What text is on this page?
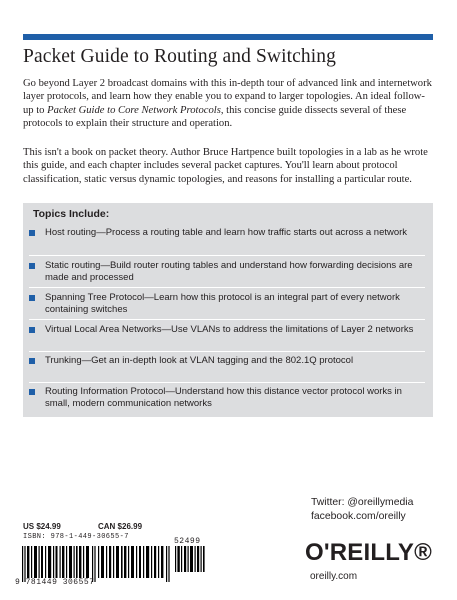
Packet Guide to Routing and Switching

Go beyond Layer 2 broadcast domains with this in-depth tour of advanced link and internetwork layer protocols, and learn how they enable you to expand to larger topologies. An ideal follow-up to Packet Guide to Core Network Protocols, this concise guide dissects several of these protocols to explain their structure and operation.

This isn't a book on packet theory. Author Bruce Hartpence built topologies in a lab as he wrote this guide, and each chapter includes several packet captures. You'll learn about protocol classification, static versus dynamic topologies, and reasons for installing a particular route.

Topics Include:
Host routing—Process a routing table and learn how traffic starts out across a network
Static routing—Build router routing tables and understand how forwarding decisions are made and processed
Spanning Tree Protocol—Learn how this protocol is an integral part of every network containing switches
Virtual Local Area Networks—Use VLANs to address the limitations of Layer 2 networks
Trunking—Get an in-depth look at VLAN tagging and the 802.1Q protocol
Routing Information Protocol—Understand how this distance vector protocol works in small, modern communication networks
Twitter: @oreillymedia
facebook.com/oreilly
US $24.99	CAN $26.99
ISBN: 978-1-449-30655-7	52499
9 781449 306557
O'REILLY®
oreilly.com
